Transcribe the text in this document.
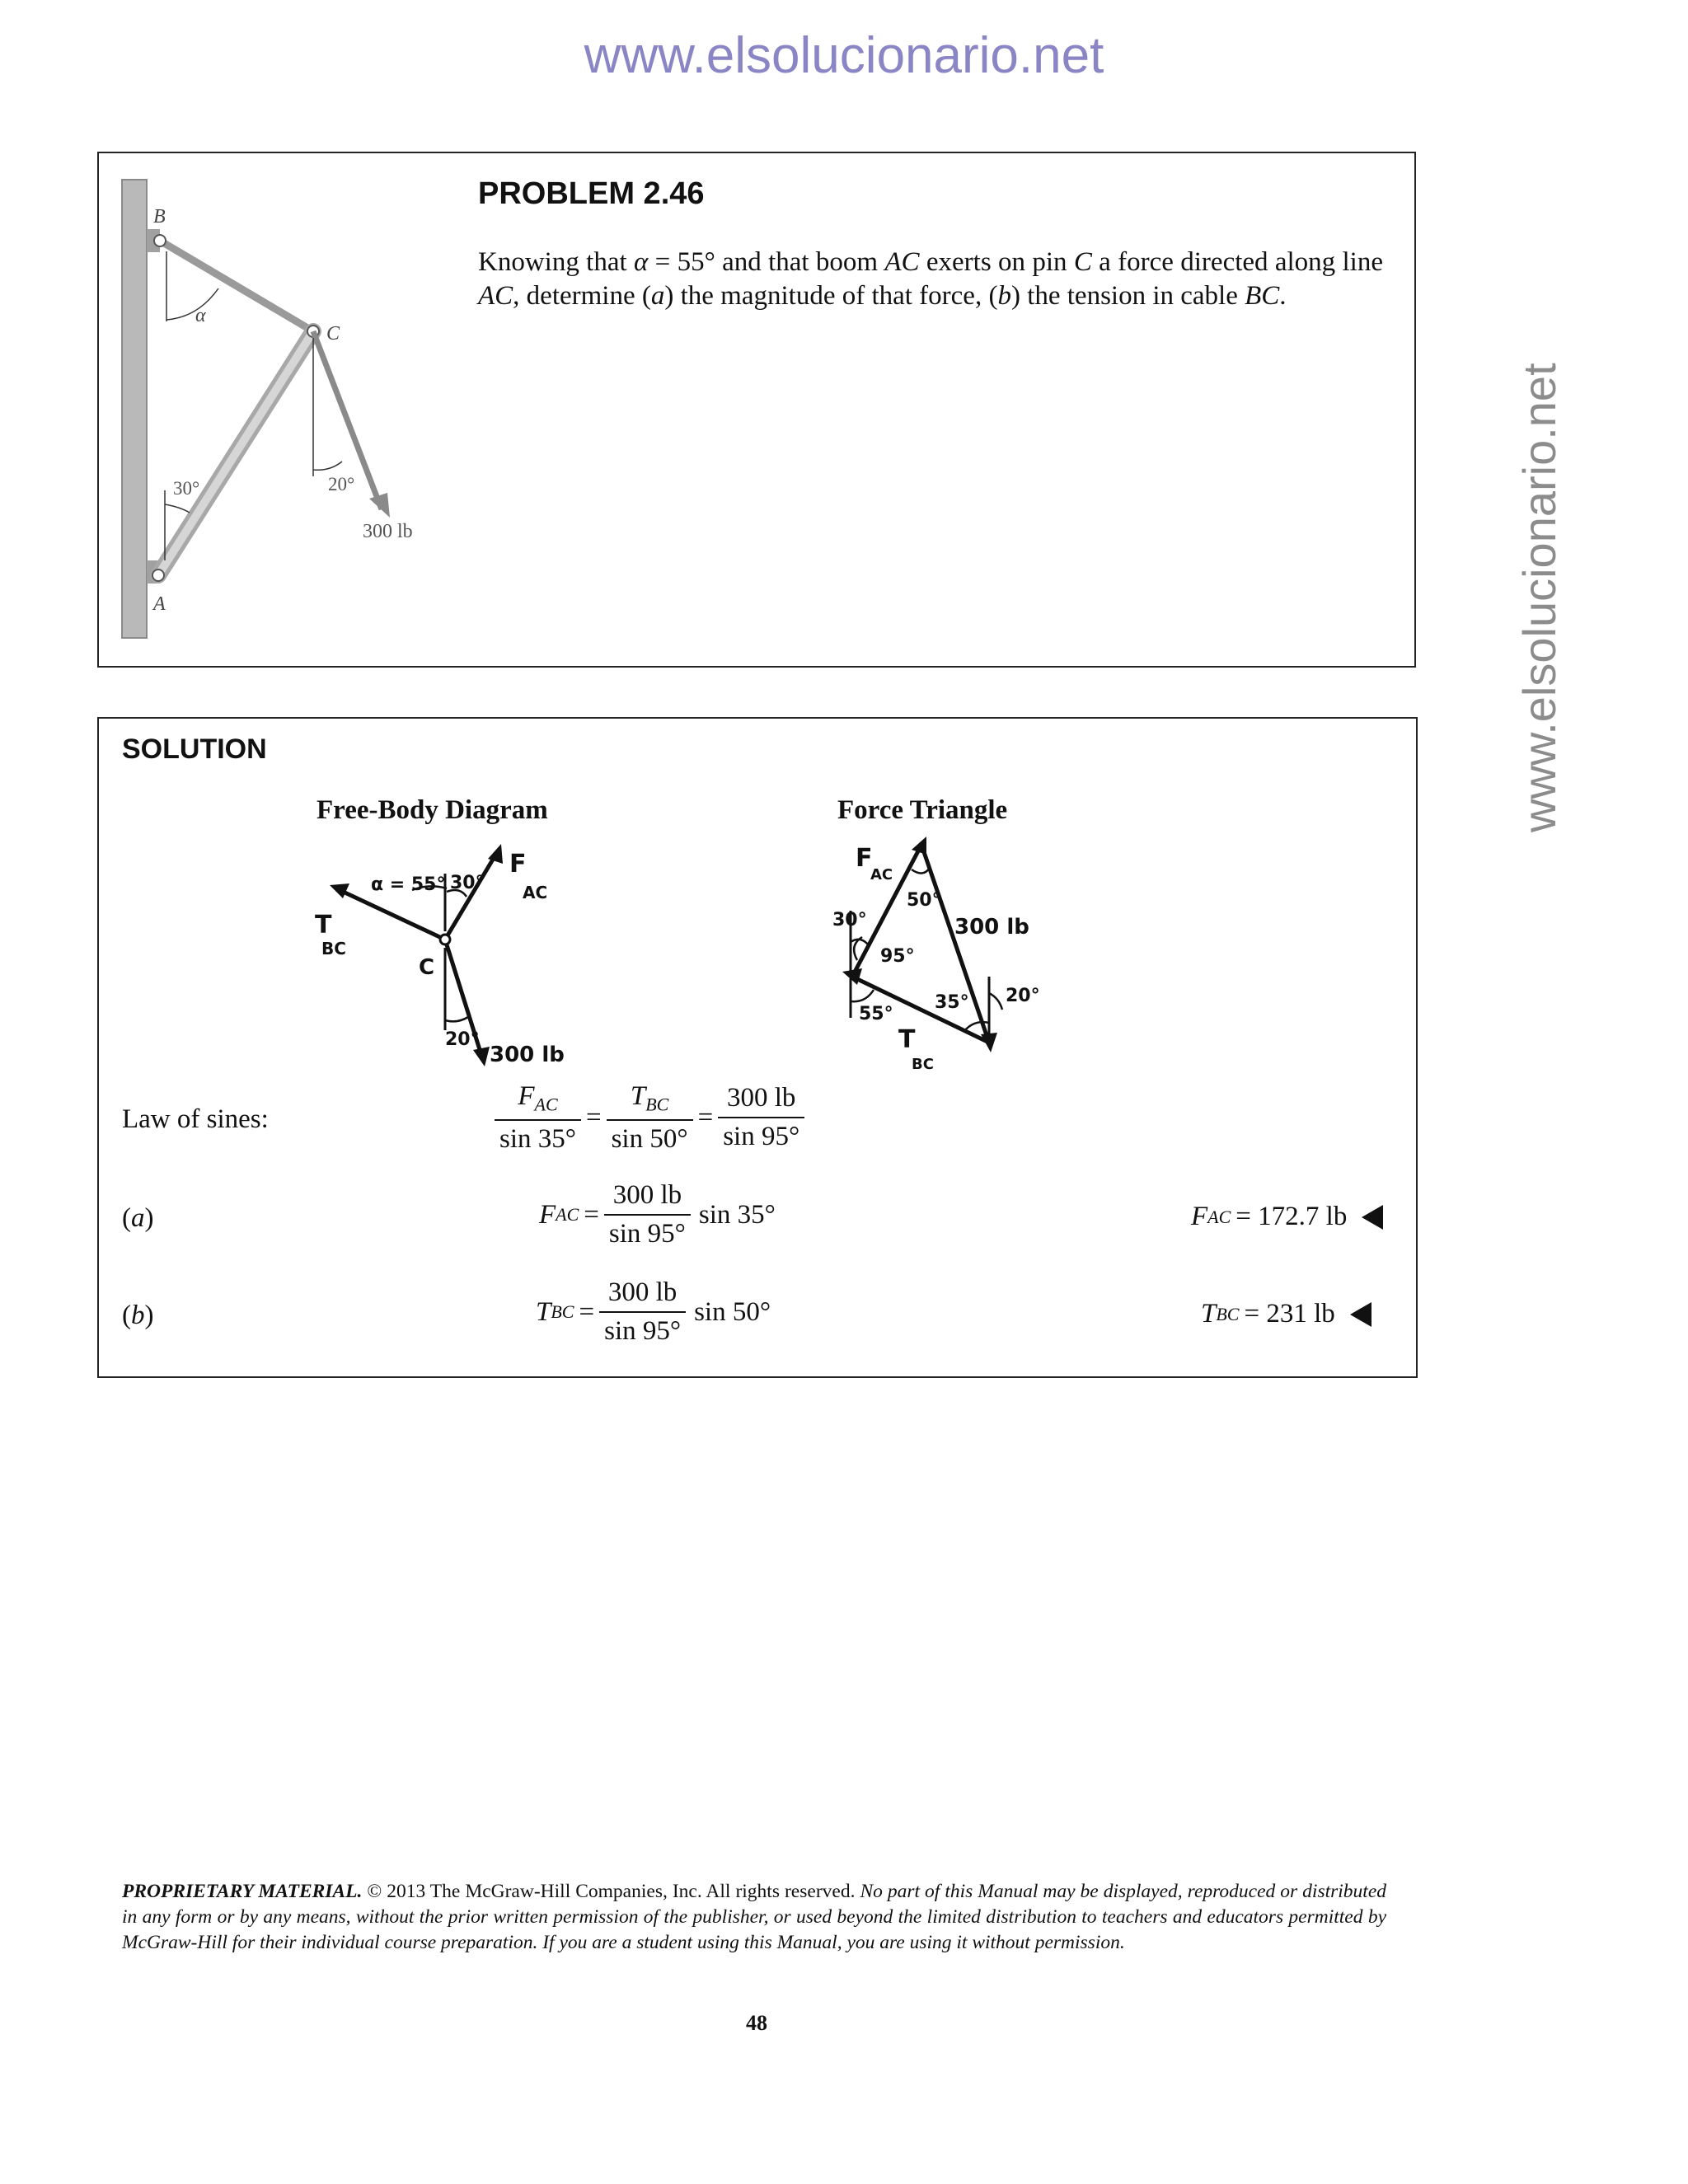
www.elsolucionario.net
www.elsolucionario.net
B
α
C
30°	20°
300 lb
A
PROBLEM 2.46
Knowing that α = 55° and that boom AC exerts on pin C a force directed along line AC, determine (a) the magnitude of that force, (b) the tension in cable BC.
SOLUTION
Free-Body Diagram	Force Triangle
α = 55° 30°
F
AC
T
BC
C
20°
300 lb
F
AC
50°
30°	300 lb
95°
35° 20°
55°
T
BC
Law of sines:	$\frac{F_{AC}}{\sin 35^\circ} = \frac{T_{BC}}{\sin 50^\circ} = \frac{300 lb}{\sin 95^\circ}$
(a)	F AC = $\frac{300 lb}{\sin 95^\circ}$ sin 35°	F AC = 172.7 lb
(b)	T BC = $\frac{300 lb}{\sin 95^\circ}$ sin 50°	T BC = 231 lb
PROPRIETARY MATERIAL. © 2013 The McGraw-Hill Companies, Inc. All rights reserved. No part of this Manual may be displayed, reproduced or distributed in any form or by any means, without the prior written permission of the publisher, or used beyond the limited distribution to teachers and educators permitted by McGraw-Hill for their individual course preparation. If you are a student using this Manual, you are using it without permission.
48
